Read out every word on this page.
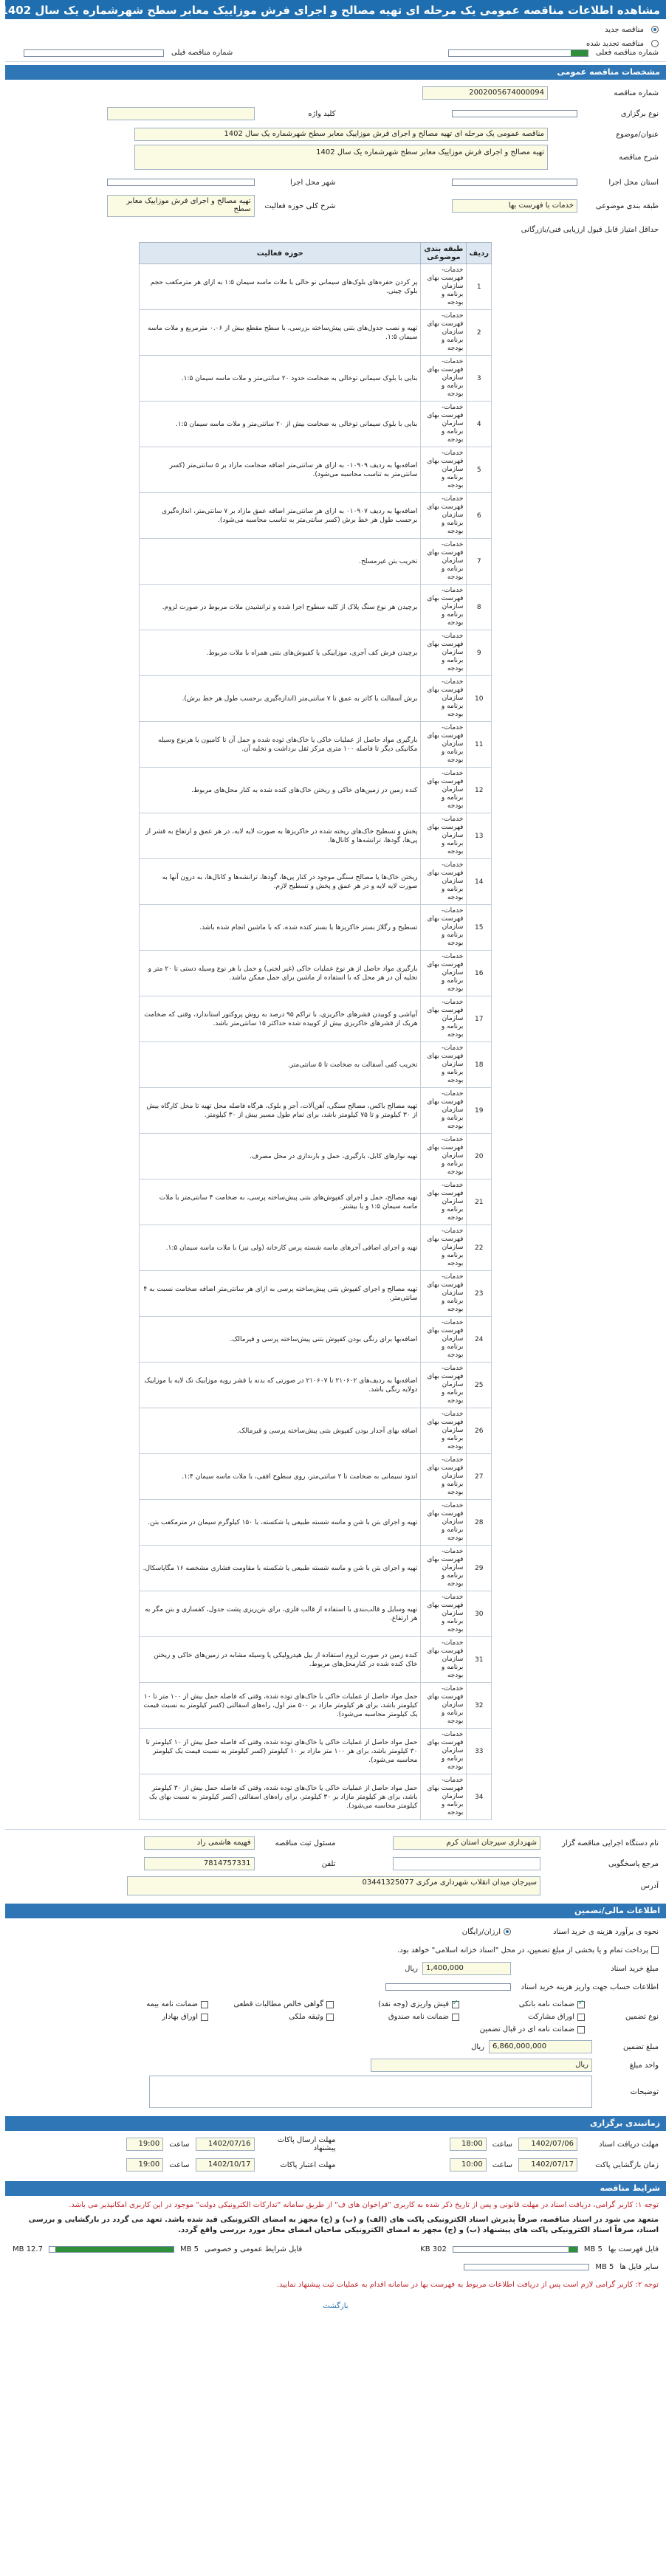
مشاهده اطلاعات مناقصه عمومی یک مرحله ای تهیه مصالح و اجرای فرش موزاییک معابر سطح شهرشماره یک سال 1402
مناقصه جدید
مناقصه تجدید شده
شماره مناقصه فعلی
شماره مناقصه قبلی
مشخصات مناقصه عمومی
شماره مناقصه
2002005674000094
نوع برگزاری
کلید واژه
عنوان/موضوع
مناقصه عمومی یک مرحله ای تهیه مصالح و اجرای فرش موزاییک معابر سطح شهرشماره یک سال 1402
شرح مناقصه
تهیه مصالح و اجرای فرش موزاییک معابر سطح شهرشماره یک سال 1402
استان محل اجرا
شهر محل اجرا
طبقه بندی موضوعی
خدمات با فهرست بها
شرح کلی حوزه فعالیت
تهیه مصالح و اجرای فرش موزاییک معابر سطح
حداقل امتیاز قابل قبول ارزیابی فنی/بازرگانی
ردیف	طبقه بندی موضوعی	حوزه فعالیت
1	خدمات- فهرست بهای سازمان برنامه و بودجه	پر کردن حفره‌های بلوک‌های سیمانی نو خالی با ملات ماسه سیمان ۱:۵ به ازای هر مترمکعب حجم بلوک چینی.
2	خدمات- فهرست بهای سازمان برنامه و بودجه	تهیه و نصب جدول‌های بتنی پیش‌ساخته بزرسی، با سطح مقطع بیش از ۰.۰۶ مترمربع و ملات ماسه سیمان ۱:۵.
3	خدمات- فهرست بهای سازمان برنامه و بودجه	بنایی با بلوک سیمانی توخالی به ضخامت حدود ۲۰ سانتی‌متر و ملات ماسه سیمان ۱:۵.
4	خدمات- فهرست بهای سازمان برنامه و بودجه	بنایی با بلوک سیمانی توخالی به ضخامت بیش از ۲۰ سانتی‌متر و ملات ماسه سیمان ۱:۵.
5	خدمات- فهرست بهای سازمان برنامه و بودجه	اضافه‌بها به ردیف ۰۱۰۹۰۹ به ازای هر سانتی‌متر اضافه ضخامت مازاد بر ۵ سانتی‌متر (کسر سانتی‌متر به تناسب محاسبه می‌شود).
6	خدمات- فهرست بهای سازمان برنامه و بودجه	اضافه‌بها به ردیف ۰۱۰۹۰۷ به ازای هر سانتی‌متر اضافه عمق مازاد بر ۷ سانتی‌متر، اندازه‌گیری برحسب طول هر خط برش (کسر سانتی‌متر به تناسب محاسبه می‌شود).
7	خدمات- فهرست بهای سازمان برنامه و بودجه	تخریب بتن غیرمسلح.
8	خدمات- فهرست بهای سازمان برنامه و بودجه	برچیدن هر نوع سنگ پلاک از کلیه سطوح اجرا شده و ترانشیدن ملات مربوط در صورت لزوم.
9	خدمات- فهرست بهای سازمان برنامه و بودجه	برچیدن فرش کف آجری، موزاییکی یا کفپوش‌های بتنی همراه با ملات مربوط.
10	خدمات- فهرست بهای سازمان برنامه و بودجه	برش آسفالت یا کاتر به عمق تا ۷ سانتی‌متر (اندازه‌گیری برحسب طول هر خط برش).
11	خدمات- فهرست بهای سازمان برنامه و بودجه	بارگیری مواد حاصل از عملیات خاکی یا خاک‌های توده شده و حمل آن تا کامیون یا هرنوع وسیله مکانیکی دیگر تا فاصله ۱۰۰ متری مرکز ثقل برداشت و تخلیه آن.
12	خدمات- فهرست بهای سازمان برنامه و بودجه	کنده زمین در زمین‌های خاکی و ریختن خاک‌های کنده شده به کنار محل‌های مربوط.
13	خدمات- فهرست بهای سازمان برنامه و بودجه	پخش و تسطیح خاک‌های ریخته شده در خاکریزها به صورت لایه لایه، در هر عمق و ارتفاع به قشر از پی‌ها، گودها، ترانشه‌ها و کانال‌ها.
14	خدمات- فهرست بهای سازمان برنامه و بودجه	ریختن خاک‌ها یا مصالح سنگی موجود در کنار پی‌ها، گودها، ترانشه‌ها و کانال‌ها، به درون آنها به صورت لایه لایه و در هر عمق و پخش و تسطیح لازم.
15	خدمات- فهرست بهای سازمان برنامه و بودجه	تسطیح و رگلاژ بستر خاکریزها یا بستر کنده شده، که با ماشین انجام شده باشد.
16	خدمات- فهرست بهای سازمان برنامه و بودجه	بارگیری مواد حاصل از هر نوع عملیات خاکی (غیر لجنی) و حمل با هر نوع وسیله دستی تا ۲۰ متر و تخلیه آن در هر محل که با استفاده از ماشین برای حمل ممکن نباشد.
17	خدمات- فهرست بهای سازمان برنامه و بودجه	آبپاشی و کوبیدن قشرهای خاکریزی، با تراکم ۹۵ درصد به روش پروکتور استاندارد، وقتی که ضخامت هریک از قشرهای خاکریزی بیش از کوبیده شده حداکثر ۱۵ سانتی‌متر باشد.
18	خدمات- فهرست بهای سازمان برنامه و بودجه	تخریب کفی آسفالت به ضخامت تا ۵ سانتی‌متر.
19	خدمات- فهرست بهای سازمان برنامه و بودجه	تهیه مصالح باکس، مصالح سنگی، آهن‌آلات، آجر و بلوک، هرگاه فاصله محل تهیه تا محل کارگاه بیش از ۳۰ کیلومتر و تا ۷۵ کیلومتر باشد، برای تمام طول مسیر بیش از ۳۰ کیلومتر.
20	خدمات- فهرست بهای سازمان برنامه و بودجه	تهیه نوارهای کابل، بارگیری، حمل و بارندازی در محل مصرف.
21	خدمات- فهرست بهای سازمان برنامه و بودجه	تهیه مصالح، حمل و اجرای کفپوش‌های بتنی پیش‌ساخته پرسی، به ضخامت ۴ سانتی‌متر با ملات ماسه سیمان ۱:۵ و یا بیشتر.
22	خدمات- فهرست بهای سازمان برنامه و بودجه	تهیه و اجرای اضافی آجرهای ماسه شسته پرس کارخانه (ولی نیز) با ملات ماسه سیمان ۱:۵.
23	خدمات- فهرست بهای سازمان برنامه و بودجه	تهیه مصالح و اجرای کفپوش بتنی پیش‌ساخته پرسی به ازای هر سانتی‌متر اضافه ضخامت نسبت به ۴ سانتی‌متر.
24	خدمات- فهرست بهای سازمان برنامه و بودجه	اضافه‌بها برای رنگی بودن کفپوش بتنی پیش‌ساخته پرسی و قیرمالک.
25	خدمات- فهرست بهای سازمان برنامه و بودجه	اضافه‌بها به ردیف‌های ۲۱۰۶۰۲ تا ۲۱۰۶۰۷ در صورتی که بدنه یا قشر رویه موزاییک تک لایه یا موزاییک دولایه رنگی باشد.
26	خدمات- فهرست بهای سازمان برنامه و بودجه	اضافه بهای آجدار بودن کفپوش بتنی پیش‌ساخته پرسی و قیرمالک.
27	خدمات- فهرست بهای سازمان برنامه و بودجه	اندود سیمانی به ضخامت تا ۲ سانتی‌متر، روی سطوح افقی، با ملات ماسه سیمان ۱:۴.
28	خدمات- فهرست بهای سازمان برنامه و بودجه	تهیه و اجرای بتن با شن و ماسه شسته طبیعی یا شکسته، با ۱۵۰ کیلوگرم سیمان در مترمکعب بتن.
29	خدمات- فهرست بهای سازمان برنامه و بودجه	تهیه و اجرای بتن با شن و ماسه شسته طبیعی یا شکسته با مقاومت فشاری مشخصه ۱۶ مگاپاسکال.
30	خدمات- فهرست بهای سازمان برنامه و بودجه	تهیه وسایل و قالب‌بندی با استفاده از قالب فلزی، برای بتن‌ریزی پشت جدول، کفسازی و بتن مگر به هر ارتفاع.
31	خدمات- فهرست بهای سازمان برنامه و بودجه	کنده زمین در صورت لزوم استفاده از بیل هیدرولیکی یا وسیله مشابه در زمین‌های خاکی و ریختن خاک کنده شده در کنارمحل‌های مربوط.
32	خدمات- فهرست بهای سازمان برنامه و بودجه	حمل مواد حاصل از عملیات خاکی با خاک‌های توده شده، وقتی که فاصله حمل بیش از ۱۰۰ متر تا ۱۰ کیلومتر باشد، برای هر کیلومتر مازاد بر ۵۰۰ متر اول، راه‌های اسفالتی (کسر کیلومتر به نسبت قیمت یک کیلومتر محاسبه می‌شود).
33	خدمات- فهرست بهای سازمان برنامه و بودجه	حمل مواد حاصل از عملیات خاکی یا خاک‌های توده شده، وقتی که فاصله حمل بیش از ۱۰ کیلومتر تا ۳۰ کیلومتر باشد، برای هر ۱۰۰ متر مازاد بر ۱۰ کیلومتر (کسر کیلومتر به نسبت قیمت یک کیلومتر محاسبه می‌شود).
34	خدمات- فهرست بهای سازمان برنامه و بودجه	حمل مواد حاصل از عملیات خاکی یا خاک‌های توده شده، وقتی که فاصله حمل بیش از ۳۰ کیلومتر باشد، برای هر کیلومتر مازاد بر ۳۰ کیلومتر، برای راه‌های اسفالتی (کسر کیلومتر به نسبت بهای یک کیلومتر محاسبه می‌شود).
نام دستگاه اجرایی مناقصه گزار
شهرداری سیرجان استان کرم
مسئول ثبت مناقصه
فهیمه هاشمی راد
مرجع پاسخگویی
تلفن
7814757331
آدرس
سیرجان میدان انقلاب شهرداری مرکزی 03441325077
اطلاعات مالی/تضمین
نحوه ی برآورد هزینه ی خرید اسناد
ارزان/رایگان
پرداخت تمام و یا بخشی از مبلغ تضمین، در محل "اسناد خزانه اسلامی" خواهد بود.
مبلغ خرید اسناد
1,400,000
ریال
اطلاعات حساب جهت واریز هزینه خرید اسناد
نوع تضمین
✓
ضمانت نامه بانکی
✓
فیش واریزی (وجه نقد)
گواهی خالص مطالبات قطعی
ضمانت نامه بیمه
اوراق مشارکت
ضمانت نامه صندوق
وثیقه ملکی
اوراق بهادار
ضمانت نامه ای در قبال تضمین
مبلغ تضمین
6,860,000,000
ریال
واحد مبلغ
ریال
توضیحات
زمانبندی برگزاری
مهلت دریافت اسناد
1402/07/06
ساعت
18:00
مهلت ارسال پاکات پیشنهاد
1402/07/16
ساعت
19:00
زمان بازگشایی پاکت
1402/07/17
ساعت
10:00
مهلت اعتبار پاکات
1402/10/17
ساعت
19:00
شرایط مناقصه

توجه ۱: کاربر گرامی، دریافت اسناد در مهلت قانونی و پس از تاریخ ذکر شده به کاربری "فراخوان های ف" از طریق سامانه "تدارکات الکترونیکی دولت" موجود در این کاربری امکانپذیر می باشد.

متعهد می شود در اسناد مناقصه، صرفاً پذیرش اسناد الکترونیکی پاکت های (الف) و (ب) و (ج) مجهز به امضای الکترونیکی قید شده باشد. تعهد می گردد در بارگشایی و بررسی اسناد، صرفاً اسناد الکترونیکی پاکت های پیشنهاد (ب) و (ج) مجهز به امضای الکترونیکی صاحبان امضای مجاز مورد بررسی واقع گردد.

فایل فهرست بها
5 MB
302 KB
فایل شرایط عمومی و خصوصی
5 MB
12.7 MB
سایر فایل ها
5 MB

توجه ۲: کاربر گرامی لازم است پس از دریافت اطلاعات مربوط به فهرست بها در سامانه اقدام به عملیات ثبت پیشنهاد نمایید.

بازگشت
